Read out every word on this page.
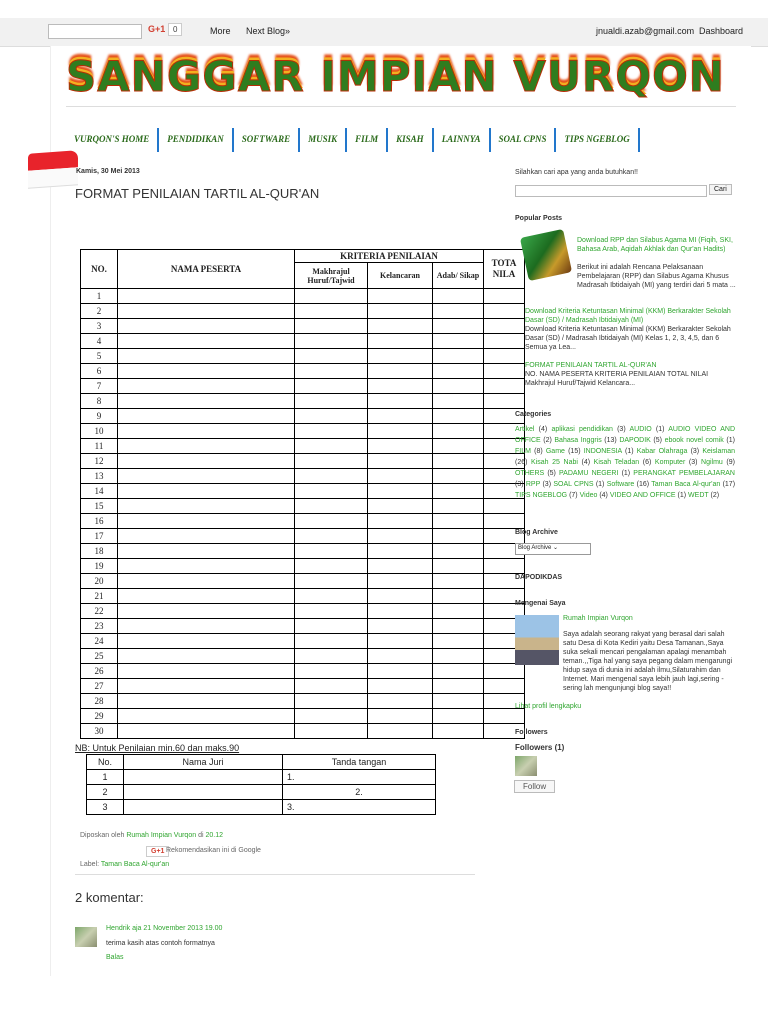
G+1 0	More Next Blog»	jnualdi.azab@gmail.com Dashboard
SANGGAR IMPIAN VURQON
VURQON'S HOME	PENDIDIKAN	SOFTWARE	MUSIK	FILM	KISAH	LAINNYA	SOAL CPNS	TIPS NGEBLOG
Kamis, 30 Mei 2013
FORMAT PENILAIAN TARTIL AL-QUR'AN
NO.	NAMA PESERTA	KRITERIA PENILAIAN			TOTA NILA
		Makhrajul Huruf/Tajwid	Kelancaran	Adab/ Sikap	
1					
2					
3					
4					
5					
6					
7					
8					
9					
10					
11					
12					
13					
14					
15					
16					
17					
18					
19					
20					
21					
22					
23					
24					
25					
26					
27					
28					
29					
30					
NB: Untuk Penilaian min.60 dan maks.90
No.	Nama Juri	Tanda tangan
1		1.
2		2.
3		3.
Diposkan oleh Rumah Impian Vurqon di 20.12
G+1 Rekomendasikan ini di Google
Label: Taman Baca Al-qur'an
2 komentar:
Hendrik aja 21 November 2013 19.00
terima kasih atas contoh formatnya
Balas
Silahkan cari apa yang anda butuhkan!!
Cari
Popular Posts
Download RPP dan Silabus Agama MI (Fiqih, SKI, Bahasa Arab, Aqidah Akhlak dan Qur'an Hadits)
Berikut ini adalah Rencana Pelaksanaan Pembelajaran (RPP) dan Silabus Agama Khusus Madrasah Ibtidaiyah (MI) yang terdiri dari 5 mata ...
Download Kriteria Ketuntasan Minimal (KKM) Berkarakter Sekolah Dasar (SD) / Madrasah Ibtidaiyah (MI)
Download Kriteria Ketuntasan Minimal (KKM) Berkarakter Sekolah Dasar (SD) / Madrasah Ibtidaiyah (MI) Kelas 1, 2, 3, 4,5, dan 6 Semua ya Lea...
FORMAT PENILAIAN TARTIL AL-QUR'AN
NO. NAMA PESERTA KRITERIA PENILAIAN TOTAL NILAI Makhrajul Huruf/Tajwid Kelancara...
Categories
Artikel (4) aplikasi pendidikan (3) AUDIO (1) AUDIO VIDEO AND OFFICE (2) Bahasa Inggris (13) DAPODIK (5) ebook novel comik (1) FILM (8) Game (15) INDONESIA (1) Kabar Olahraga (3) Keislaman (26) Kisah 25 Nabi (4) Kisah Teladan (6) Komputer (3) Ngilmu (9) OTHERS (5) PADAMU NEGERI (1) PERANGKAT PEMBELAJARAN (3) RPP (3) SOAL CPNS (1) Software (16) Taman Baca Al-qur'an (17) TIPS NGEBLOG (7) Video (4) VIDEO AND OFFICE (1) WEDT (2)
Blog Archive
Blog Archive ⌄
DAPODIKDAS
Mengenai Saya
Rumah Impian Vurqon
Saya adalah seorang rakyat yang berasal dari salah satu Desa di Kota Kediri yaitu Desa Tamanan.,Saya suka sekali mencari pengalaman apalagi menambah teman.,,Tiga hal yang saya pegang dalam mengarungi hidup saya di dunia ini adalah ilmu,Silaturahim dan Internet. Mari mengenal saya lebih jauh lagi,sering - sering lah mengunjungi blog saya!!
Lihat profil lengkapku
Followers
Followers (1)
Follow
